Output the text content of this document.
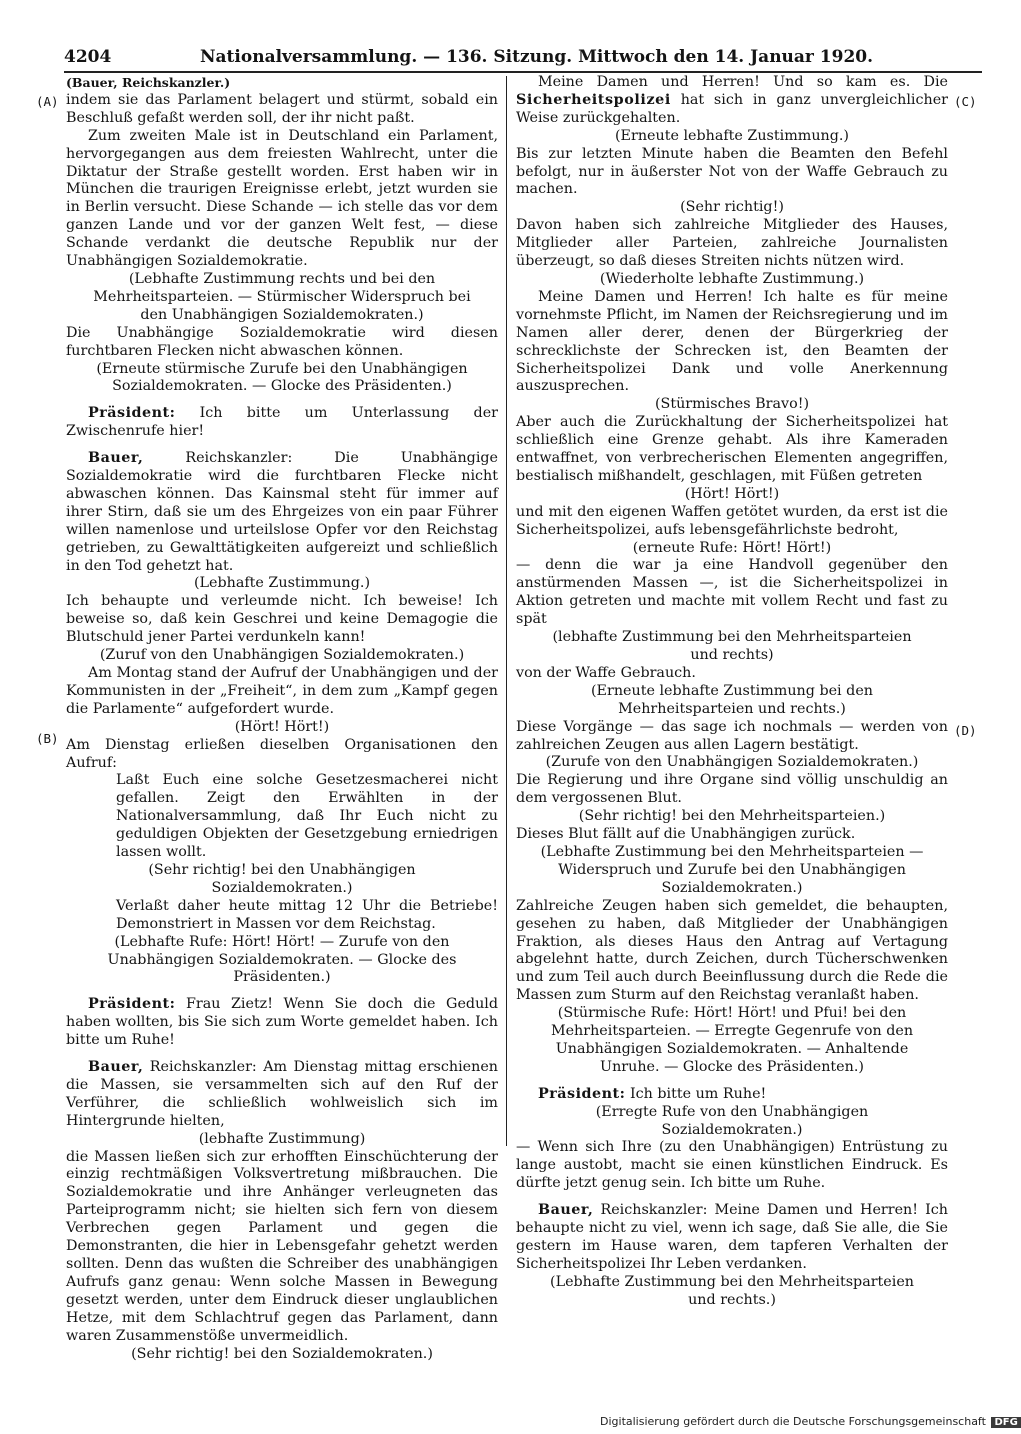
4204	Nationalversammlung. — 136. Sitzung. Mittwoch den 14. Januar 1920.
(A)
(B)
(C)
(D)

(Bauer, Reichskanzler.)

indem sie das Parlament belagert und stürmt, sobald ein Beschluß gefaßt werden soll, der ihr nicht paßt.

Zum zweiten Male ist in Deutschland ein Parlament, hervorgegangen aus dem freiesten Wahlrecht, unter die Diktatur der Straße gestellt worden. Erst haben wir in München die traurigen Ereignisse erlebt, jetzt wurden sie in Berlin versucht. Diese Schande — ich stelle das vor dem ganzen Lande und vor der ganzen Welt fest, — diese Schande verdankt die deutsche Republik nur der Unabhängigen Sozialdemokratie.

(Lebhafte Zustimmung rechts und bei den Mehrheitsparteien. — Stürmischer Widerspruch bei den Unabhängigen Sozialdemokraten.)

Die Unabhängige Sozialdemokratie wird diesen furchtbaren Flecken nicht abwaschen können.

(Erneute stürmische Zurufe bei den Unabhängigen Sozialdemokraten. — Glocke des Präsidenten.)

Präsident: Ich bitte um Unterlassung der Zwischenrufe hier!

Bauer,	Reichskanzler: Die Unabhängige Sozialdemokratie wird die furchtbaren Flecke nicht abwaschen können. Das Kainsmal steht für immer auf ihrer Stirn, daß sie um des Ehrgeizes von ein paar Führer willen namenlose und urteilslose Opfer vor den Reichstag getrieben, zu Gewalttätigkeiten aufgereizt und schließlich in den Tod gehetzt hat.

(Lebhafte Zustimmung.)

Ich behaupte und verleumde nicht. Ich beweise! Ich beweise so, daß kein Geschrei und keine Demagogie die Blutschuld jener Partei verdunkeln kann!

(Zuruf von den Unabhängigen Sozialdemokraten.)

Am Montag stand der Aufruf der Unabhängigen und der Kommunisten in der „Freiheit“, in dem zum „Kampf gegen die Parlamente“ aufgefordert wurde.

(Hört! Hört!)

Am Dienstag erließen dieselben Organisationen den Aufruf:

Laßt Euch eine solche Gesetzesmacherei nicht gefallen. Zeigt den Erwählten in der Nationalversammlung, daß Ihr Euch nicht zu geduldigen Objekten der Gesetzgebung erniedrigen lassen wollt.

(Sehr richtig! bei den Unabhängigen Sozialdemokraten.)

Verlaßt daher heute mittag 12 Uhr die Betriebe! Demonstriert in Massen vor dem Reichstag.

(Lebhafte Rufe: Hört! Hört! — Zurufe von den Unabhängigen Sozialdemokraten. — Glocke des Präsidenten.)

Präsident: Frau Zietz! Wenn Sie doch die Geduld haben wollten, bis Sie sich zum Worte gemeldet haben. Ich bitte um Ruhe!

Bauer, Reichskanzler: Am Dienstag mittag erschienen die Massen, sie versammelten sich auf den Ruf der Verführer, die schließlich wohlweislich sich im Hintergrunde hielten,

(lebhafte Zustimmung)

die Massen ließen sich zur erhofften Einschüchterung der einzig rechtmäßigen Volksvertretung mißbrauchen. Die Sozialdemokratie und ihre Anhänger verleugneten das Parteiprogramm nicht; sie hielten sich fern von diesem Verbrechen gegen Parlament und gegen die Demonstranten, die hier in Lebensgefahr gehetzt werden sollten. Denn das wußten die Schreiber des unabhängigen Aufrufs ganz genau: Wenn solche Massen in Bewegung gesetzt werden, unter dem Eindruck dieser unglaublichen Hetze, mit dem Schlachtruf gegen das Parlament, dann waren Zusammenstöße unvermeidlich.

(Sehr richtig! bei den Sozialdemokraten.)

Meine Damen und Herren! Und so kam es. Die Sicherheitspolizei hat sich in ganz unvergleichlicher Weise zurückgehalten.

(Erneute lebhafte Zustimmung.)

Bis zur letzten Minute haben die Beamten den Befehl befolgt, nur in äußerster Not von der Waffe Gebrauch zu machen.

(Sehr richtig!)

Davon haben sich zahlreiche Mitglieder des Hauses, Mitglieder aller Parteien, zahlreiche Journalisten überzeugt, so daß dieses Streiten nichts nützen wird.

(Wiederholte lebhafte Zustimmung.)

Meine Damen und Herren! Ich halte es für meine vornehmste Pflicht, im Namen der Reichsregierung und im Namen aller derer, denen der Bürgerkrieg der schrecklichste der Schrecken ist, den Beamten der Sicherheitspolizei Dank und volle Anerkennung auszusprechen.

(Stürmisches Bravo!)

Aber auch die Zurückhaltung der Sicherheitspolizei hat schließlich eine Grenze gehabt. Als ihre Kameraden entwaffnet, von verbrecherischen Elementen angegriffen, bestialisch mißhandelt, geschlagen, mit Füßen getreten

(Hört! Hört!)

und mit den eigenen Waffen getötet wurden, da erst ist die Sicherheitspolizei, aufs lebensgefährlichste bedroht,

(erneute Rufe: Hört! Hört!)

— denn die war ja eine Handvoll gegenüber den anstürmenden Massen —, ist die Sicherheitspolizei in Aktion getreten und machte mit vollem Recht und fast zu spät

(lebhafte Zustimmung bei den Mehrheitsparteien und rechts)

von der Waffe Gebrauch.

(Erneute lebhafte Zustimmung bei den Mehrheitsparteien und rechts.)

Diese Vorgänge — das sage ich nochmals — werden von zahlreichen Zeugen aus allen Lagern bestätigt.

(Zurufe von den Unabhängigen Sozialdemokraten.)

Die Regierung und ihre Organe sind völlig unschuldig an dem vergossenen Blut.

(Sehr richtig! bei den Mehrheitsparteien.)

Dieses Blut fällt auf die Unabhängigen zurück.

(Lebhafte Zustimmung bei den Mehrheitsparteien — Widerspruch und Zurufe bei den Unabhängigen Sozialdemokraten.)

Zahlreiche Zeugen haben sich gemeldet, die behaupten, gesehen zu haben, daß Mitglieder der Unabhängigen Fraktion, als dieses Haus den Antrag auf Vertagung abgelehnt hatte, durch Zeichen, durch Tücherschwenken und zum Teil auch durch Beeinflussung durch die Rede die Massen zum Sturm auf den Reichstag veranlaßt haben.

(Stürmische Rufe: Hört! Hört! und Pfui! bei den Mehrheitsparteien. — Erregte Gegenrufe von den Unabhängigen Sozialdemokraten. — Anhaltende Unruhe. — Glocke des Präsidenten.)

Präsident: Ich bitte um Ruhe!

(Erregte Rufe von den Unabhängigen Sozialdemokraten.)

— Wenn sich Ihre (zu den Unabhängigen) Entrüstung zu lange austobt, macht sie einen künstlichen Eindruck. Es dürfte jetzt genug sein. Ich bitte um Ruhe.

Bauer, Reichskanzler: Meine Damen und Herren! Ich behaupte nicht zu viel, wenn ich sage, daß Sie alle, die Sie gestern im Hause waren, dem tapferen Verhalten der Sicherheitspolizei Ihr Leben verdanken.

(Lebhafte Zustimmung bei den Mehrheitsparteien und rechts.)

Digitalisierung gefördert durch die Deutsche Forschungsgemeinschaft DFG
